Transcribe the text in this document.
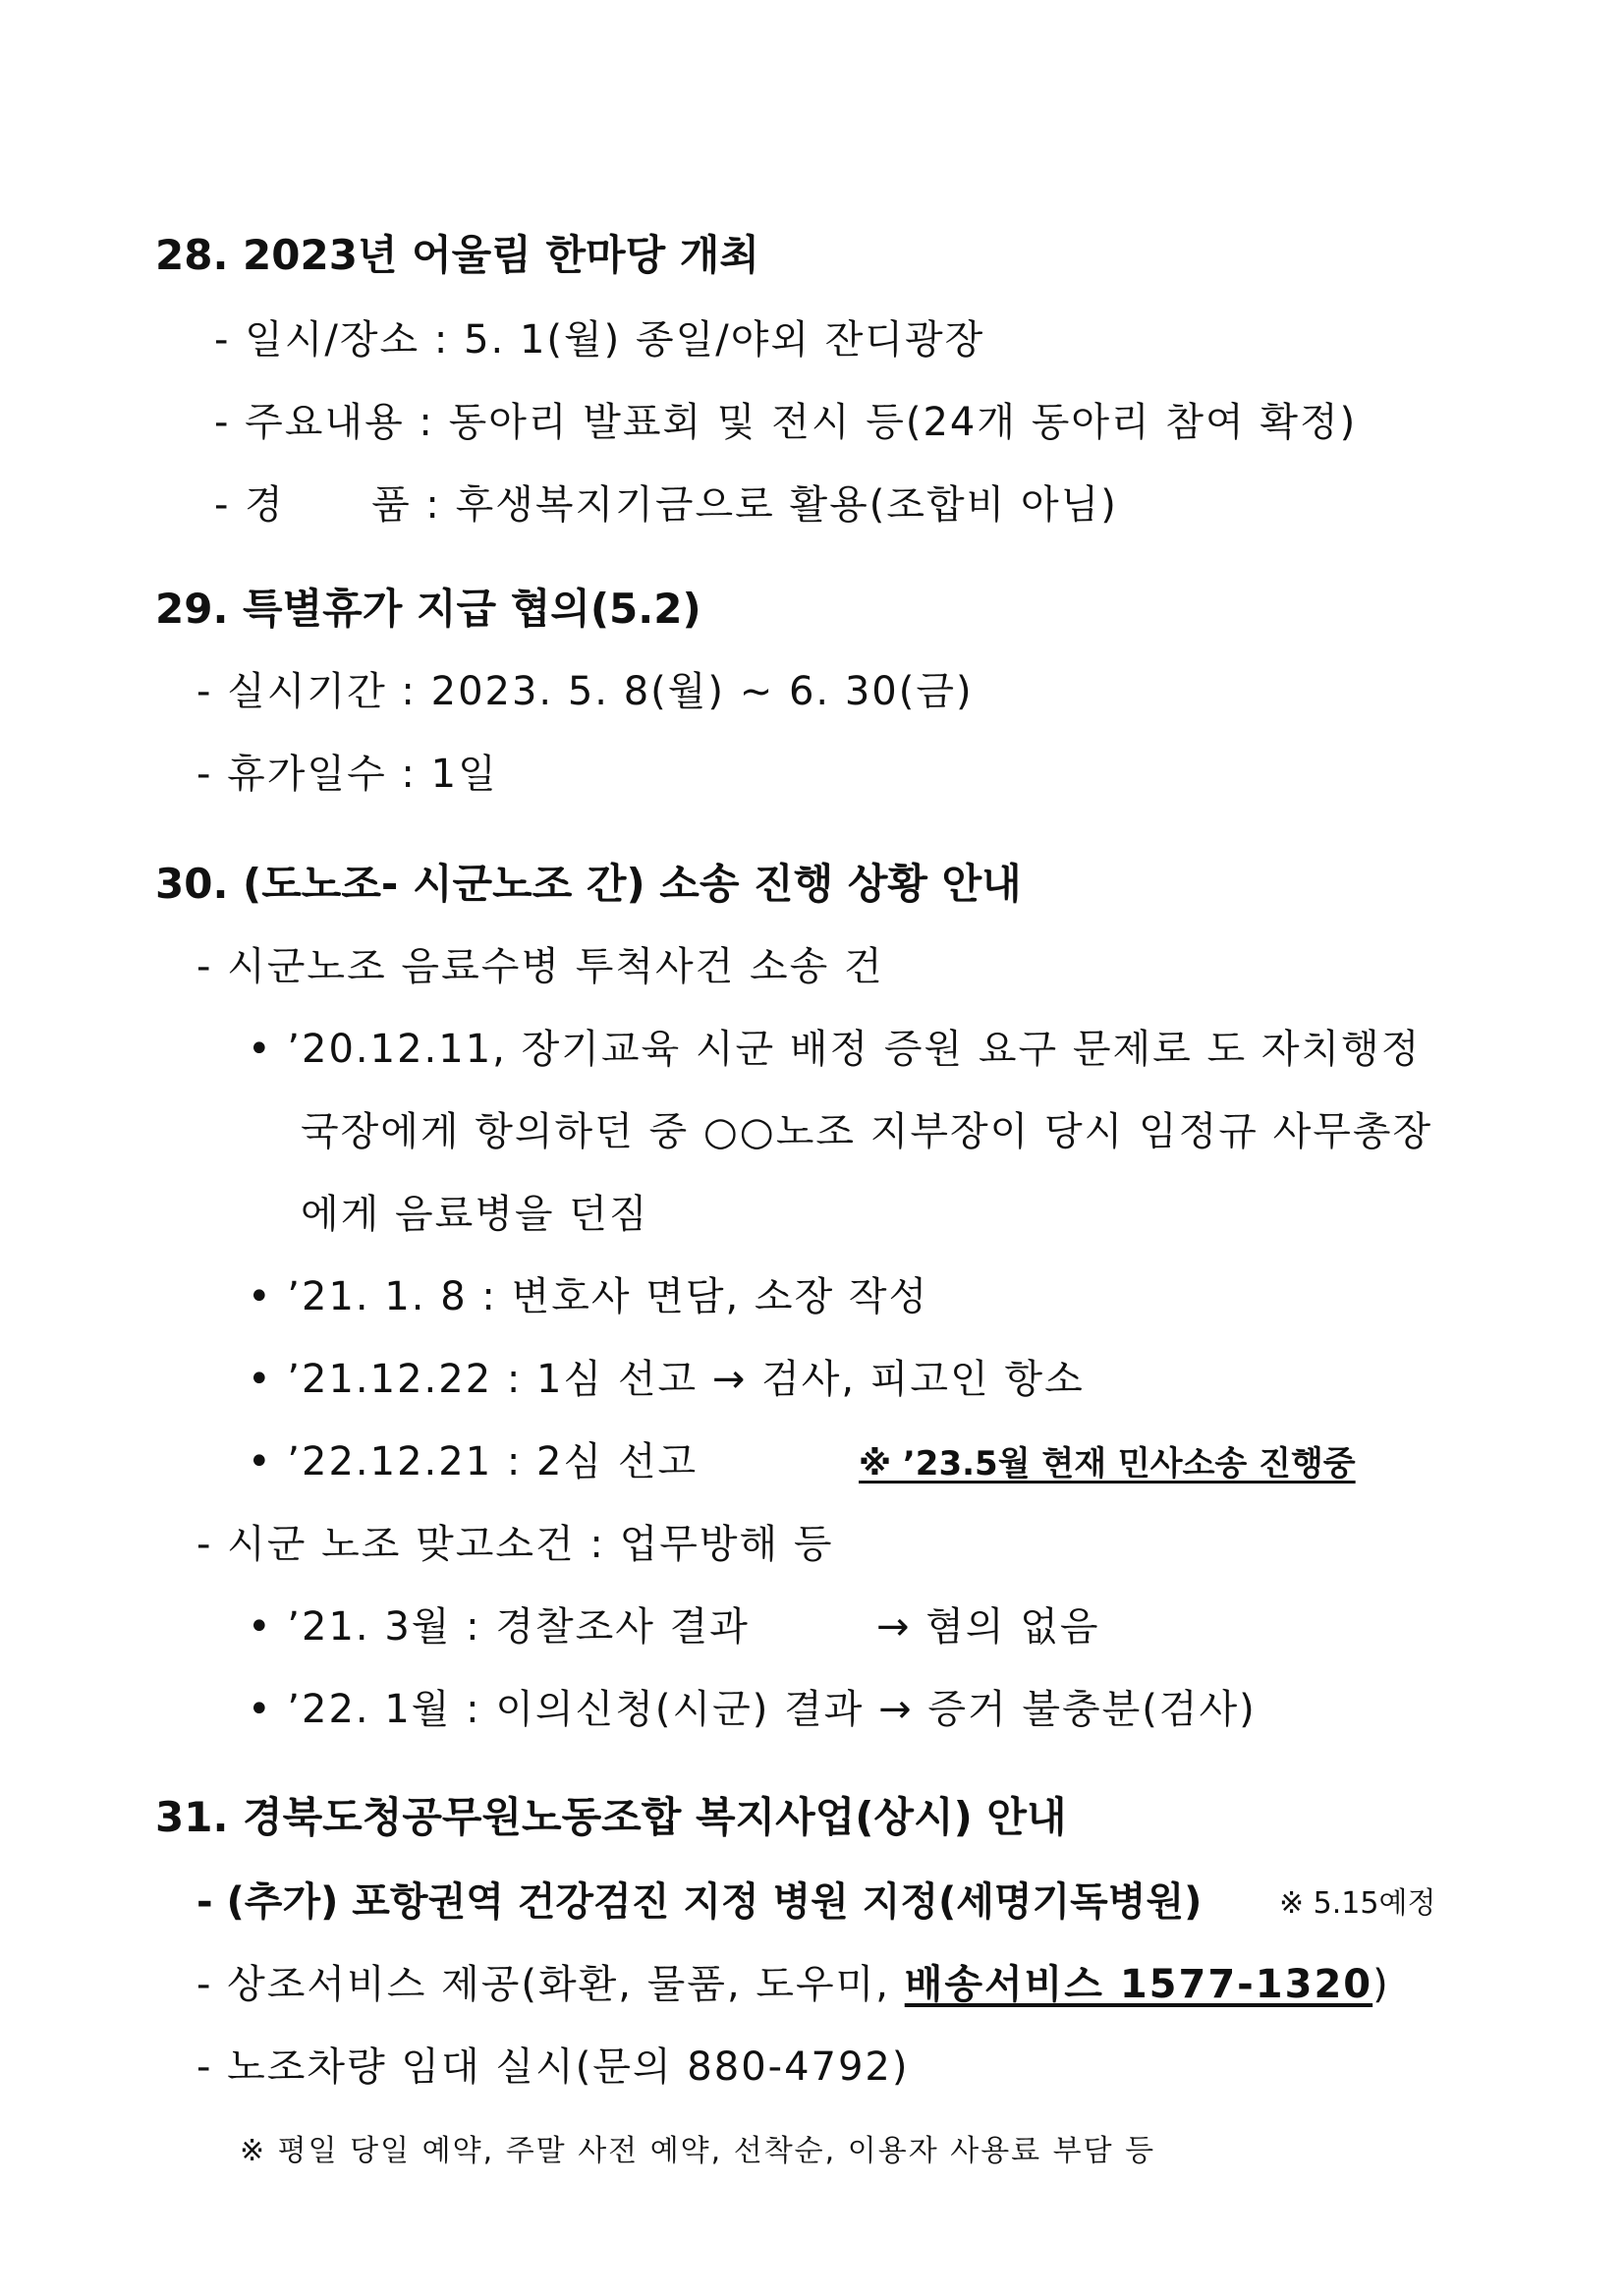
28. 2023년 어울림 한마당 개최
- 일시/장소 : 5. 1(월) 종일/야외 잔디광장
- 주요내용 : 동아리 발표회 및 전시 등(24개 동아리 참여 확정)
- 경      품 : 후생복지기금으로 활용(조합비 아님)
29. 특별휴가 지급 협의(5.2)
- 실시기간 : 2023. 5. 8(월) ~ 6. 30(금)
- 휴가일수 : 1일
30. (도노조- 시군노조 간) 소송 진행 상황 안내
- 시군노조 음료수병 투척사건 소송 건
• ’20.12.11, 장기교육 시군 배정 증원 요구 문제로 도 자치행정
국장에게 항의하던 중 ○○노조 지부장이 당시 임정규 사무총장
에게 음료병을 던짐
• ’21. 1. 8 : 변호사 면담, 소장 작성
• ’21.12.22 : 1심 선고 → 검사, 피고인 항소
• ’22.12.21 : 2심 선고	※ ’23.5월 현재 민사소송 진행중
- 시군 노조 맞고소건 : 업무방해 등
• ’21. 3월 : 경찰조사 결과	→ 혐의 없음
• ’22. 1월 : 이의신청(시군) 결과 → 증거 불충분(검사)
31. 경북도청공무원노동조합 복지사업(상시) 안내
- (추가) 포항권역 건강검진 지정 병원 지정(세명기독병원)	※ 5.15예정
- 상조서비스 제공(화환, 물품, 도우미, 배송서비스 1577-1320)
- 노조차량 임대 실시(문의 880-4792)
※ 평일 당일 예약, 주말 사전 예약, 선착순, 이용자 사용료 부담 등
